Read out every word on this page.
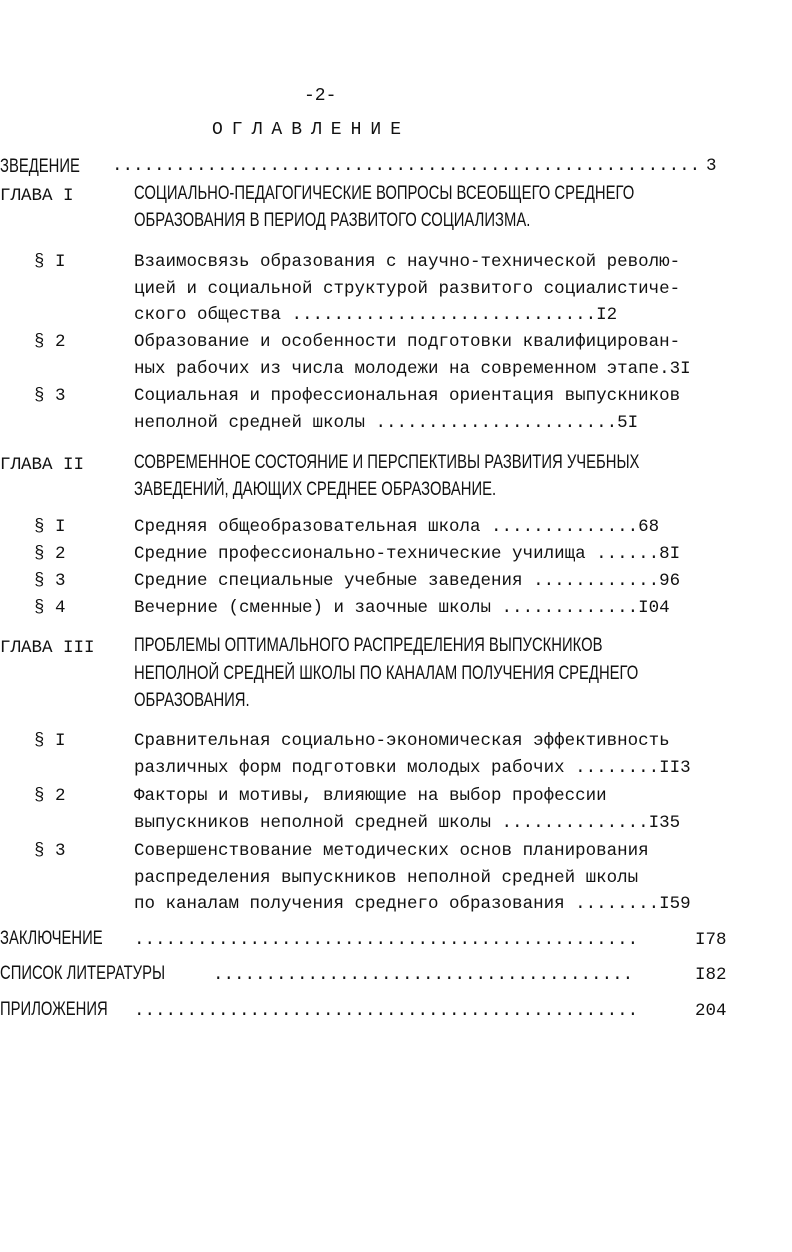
-2-
ОГЛАВЛЕНИЕ
ЗВЕДЕНИЕ ........................................................ 3
ГЛАВА I	СОЦИАЛЬНО-ПЕДАГОГИЧЕСКИЕ ВОПРОСЫ ВСЕОБЩЕГО СРЕДНЕГО
ОБРАЗОВАНИЯ В ПЕРИОД РАЗВИТОГО СОЦИАЛИЗМА.
§ I	Взаимосвязь образования с научно-технической револю-
цией и социальной структурой развитого социалистиче-
ского общества .............................I2
§ 2	Образование и особенности подготовки квалифицирован-
ных рабочих из числа молодежи на современном этапе.3I
§ 3	Социальная и профессиональная ориентация выпускников
неполной средней школы .......................5I
ГЛАВА II	СОВРЕМЕННОЕ СОСТОЯНИЕ И ПЕРСПЕКТИВЫ РАЗВИТИЯ УЧЕБНЫХ
ЗАВЕДЕНИЙ, ДАЮЩИХ СРЕДНЕЕ ОБРАЗОВАНИЕ.
§ I	Средняя общеобразовательная школа ..............68
§ 2	Средние профессионально-технические училища ......8I
§ 3	Средние специальные учебные заведения ............96
§ 4	Вечерние (сменные) и заочные школы .............I04
ГЛАВА III ПРОБЛЕМЫ ОПТИМАЛЬНОГО РАСПРЕДЕЛЕНИЯ ВЫПУСКНИКОВ
НЕПОЛНОЙ СРЕДНЕЙ ШКОЛЫ ПО КАНАЛАМ ПОЛУЧЕНИЯ СРЕДНЕГО
ОБРАЗОВАНИЯ.
§ I	Сравнительная социально-экономическая эффективность
различных форм подготовки молодых рабочих ........II3
§ 2	Факторы и мотивы, влияющие на выбор профессии
выпускников неполной средней школы ..............I35
§ 3	Совершенствование методических основ планирования
распределения выпускников неполной средней школы
по каналам получения среднего образования ........I59
ЗАКЛЮЧЕНИЕ ................................................	I78
СПИСОК ЛИТЕРАТУРЫ	........................................	I82
ПРИЛОЖЕНИЯ ................................................	204
